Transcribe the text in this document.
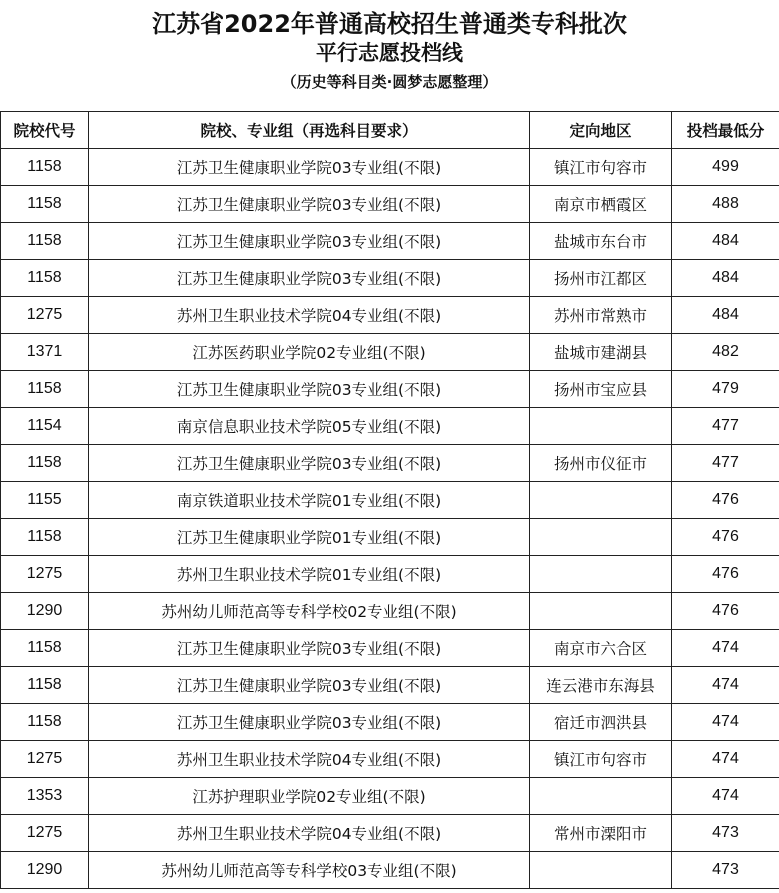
江苏省2022年普通高校招生普通类专科批次
平行志愿投档线
（历史等科目类·圆梦志愿整理）
院校代号	院校、专业组（再选科目要求）	定向地区	投档最低分
1158	江苏卫生健康职业学院03专业组(不限)	镇江市句容市	499
1158	江苏卫生健康职业学院03专业组(不限)	南京市栖霞区	488
1158	江苏卫生健康职业学院03专业组(不限)	盐城市东台市	484
1158	江苏卫生健康职业学院03专业组(不限)	扬州市江都区	484
1275	苏州卫生职业技术学院04专业组(不限)	苏州市常熟市	484
1371	江苏医药职业学院02专业组(不限)	盐城市建湖县	482
1158	江苏卫生健康职业学院03专业组(不限)	扬州市宝应县	479
1154	南京信息职业技术学院05专业组(不限)		477
1158	江苏卫生健康职业学院03专业组(不限)	扬州市仪征市	477
1155	南京铁道职业技术学院01专业组(不限)		476
1158	江苏卫生健康职业学院01专业组(不限)		476
1275	苏州卫生职业技术学院01专业组(不限)		476
1290	苏州幼儿师范高等专科学校02专业组(不限)		476
1158	江苏卫生健康职业学院03专业组(不限)	南京市六合区	474
1158	江苏卫生健康职业学院03专业组(不限)	连云港市东海县	474
1158	江苏卫生健康职业学院03专业组(不限)	宿迁市泗洪县	474
1275	苏州卫生职业技术学院04专业组(不限)	镇江市句容市	474
1353	江苏护理职业学院02专业组(不限)		474
1275	苏州卫生职业技术学院04专业组(不限)	常州市溧阳市	473
1290	苏州幼儿师范高等专科学校03专业组(不限)		473
